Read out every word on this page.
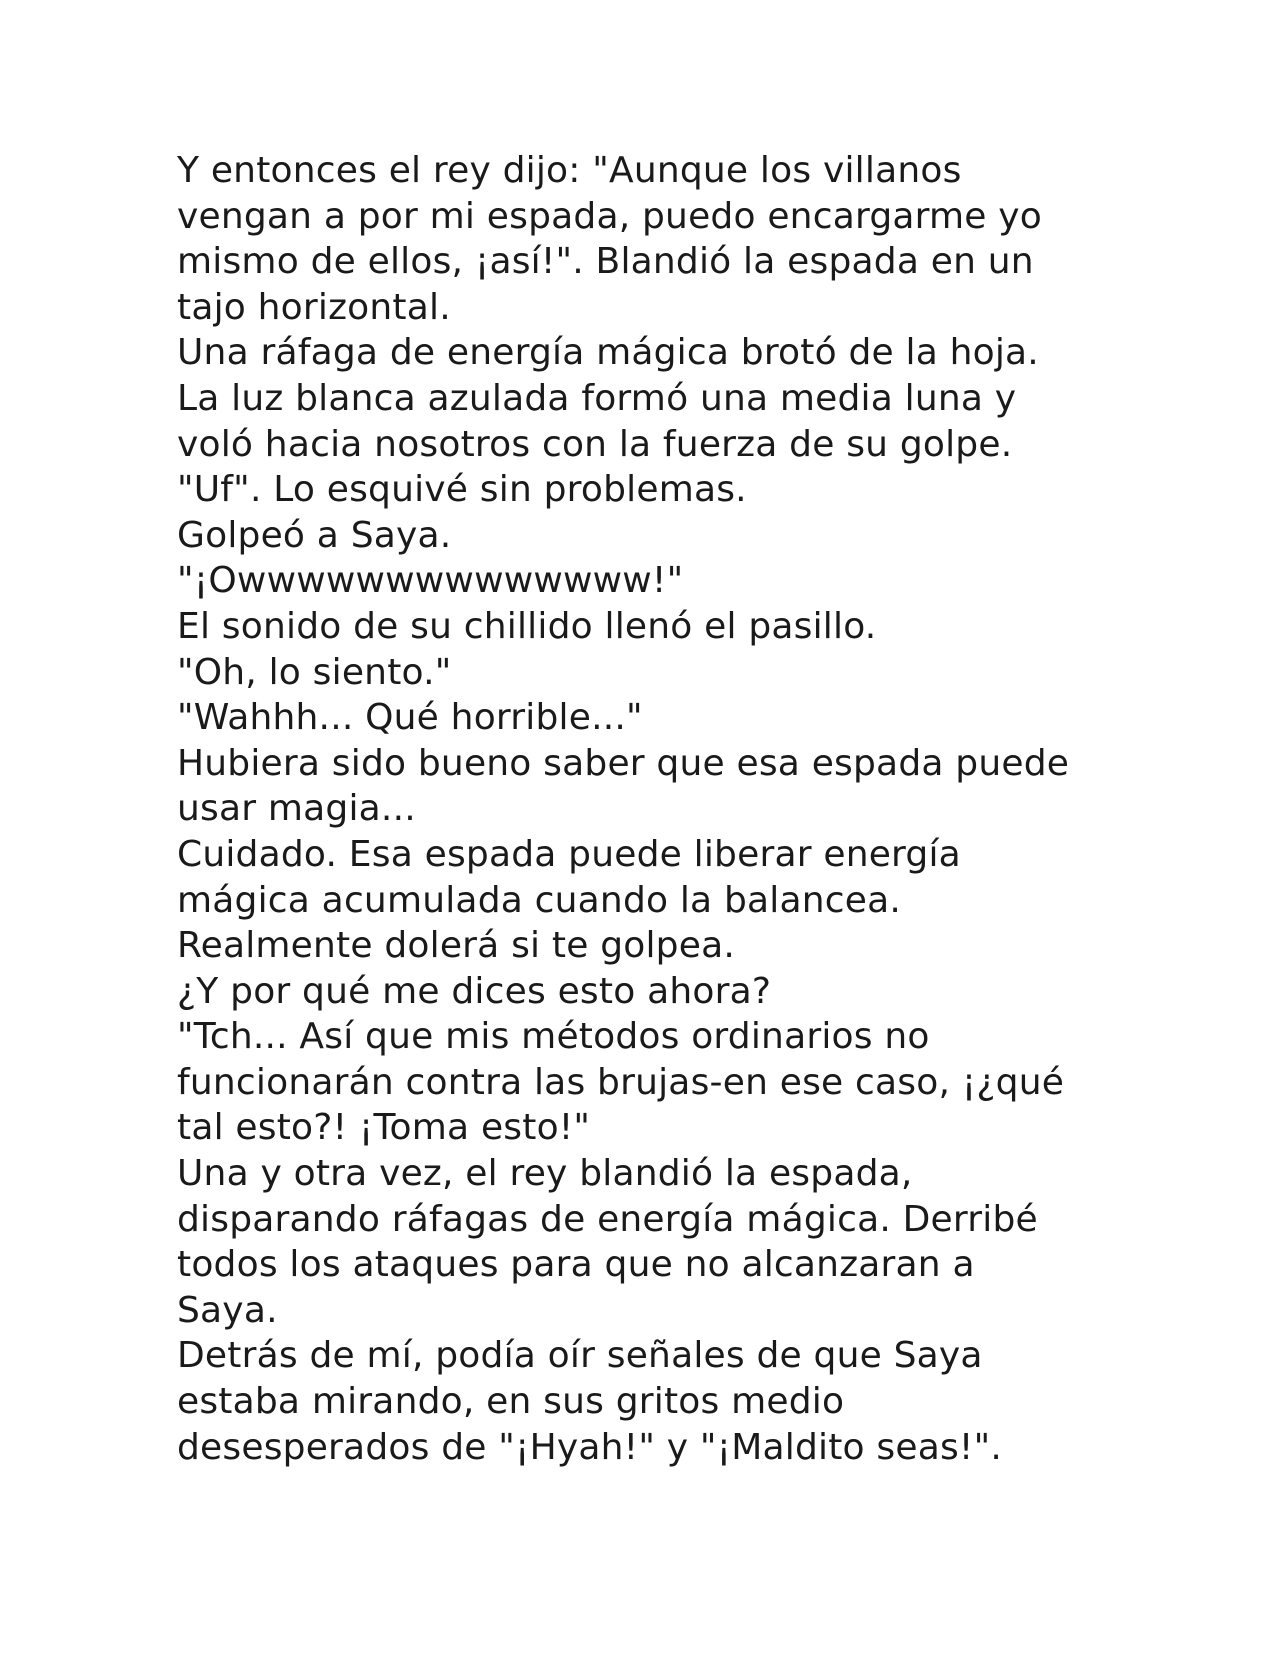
Y entonces el rey dijo: "Aunque los villanos
vengan a por mi espada, puedo encargarme yo
mismo de ellos, ¡así!". Blandió la espada en un
tajo horizontal.
Una ráfaga de energía mágica brotó de la hoja.
La luz blanca azulada formó una media luna y
voló hacia nosotros con la fuerza de su golpe.
"Uf". Lo esquivé sin problemas.
Golpeó a Saya.
"¡Owwwwwwwwwwwwww!"
El sonido de su chillido llenó el pasillo.
"Oh, lo siento."
"Wahhh... Qué horrible..."
Hubiera sido bueno saber que esa espada puede
usar magia...
Cuidado. Esa espada puede liberar energía
mágica acumulada cuando la balancea.
Realmente dolerá si te golpea.
¿Y por qué me dices esto ahora?
"Tch... Así que mis métodos ordinarios no
funcionarán contra las brujas-en ese caso, ¡¿qué
tal esto?! ¡Toma esto!"
Una y otra vez, el rey blandió la espada,
disparando ráfagas de energía mágica. Derribé
todos los ataques para que no alcanzaran a
Saya.
Detrás de mí, podía oír señales de que Saya
estaba mirando, en sus gritos medio
desesperados de "¡Hyah!" y "¡Maldito seas!".
